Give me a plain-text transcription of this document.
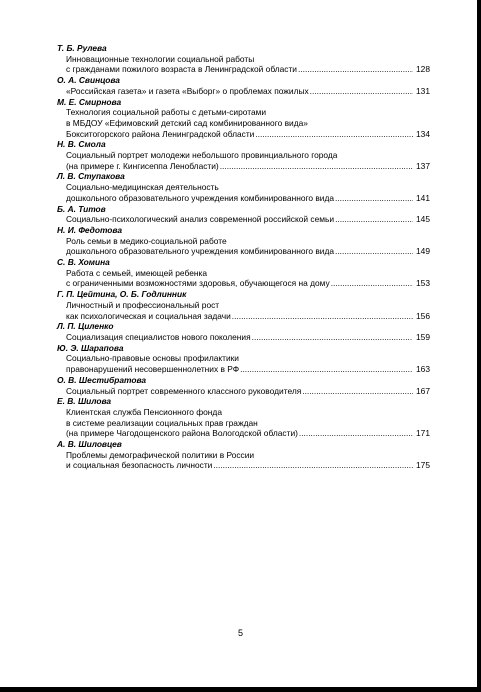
Т. Б. Рулева
Инновационные технологии социальной работы
с гражданами пожилого возраста в Ленинградской области .....	128
О. А. Свинцова
«Российская газета» и газета «Выборг» о проблемах пожилых .....	131
М. Е. Смирнова
Технология социальной работы с детьми-сиротами
в МБДОУ «Ефимовский детский сад комбинированного вида»
Бокситогорского района Ленинградской области .....	134
Н. В. Смола
Социальный портрет молодежи небольшого провинциального города
(на примере г. Кингисеппа Ленобласти) .....	137
Л. В. Ступакова
Социально-медицинская деятельность
дошкольного образовательного учреждения комбинированного вида .....	141
Б. А. Титов
Социально-психологический анализ современной российской семьи .....	145
Н. И. Федотова
Роль семьи в медико-социальной работе
дошкольного образовательного учреждения комбинированного вида .....	149
С. В. Хомина
Работа с семьей, имеющей ребенка
с ограниченными возможностями здоровья, обучающегося на дому .....	153
Г. П. Цейтина, О. Б. Годлинник
Личностный и профессиональный рост
как психологическая и социальная задачи .....	156
Л. П. Циленко
Социализация специалистов нового поколения .....	159
Ю. Э. Шарапова
Социально-правовые основы профилактики
правонарушений несовершеннолетних в РФ .....	163
О. В. Шестибратова
Социальный портрет современного классного руководителя .....	167
Е. В. Шилова
Клиентская служба Пенсионного фонда
в системе реализации социальных прав граждан
(на примере Чагодощенского района Вологодской области) .....	171
А. В. Шиловцев
Проблемы демографической политики в России
и социальная безопасность личности .....	175
5
